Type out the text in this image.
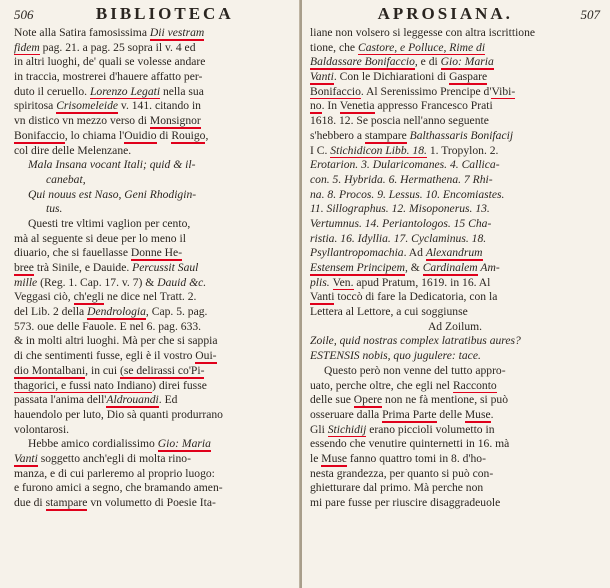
506	BIBLIOTECA
Note alla Satira famosissima Dii vestram
fidem pag. 21. a pag. 25 sopra il v. 4 ed
in altri luoghi, de' quali se volesse andare
in traccia, mostrerei d'hauere affatto per-
duto il ceruello. Lorenzo Legati nella sua
spiritosa Crisomeleide v. 141. citando in
vn distico vn mezzo verso di Monsignor
Bonifaccio, lo chiama l'Ouidio di Rouigo,
col dire delle Melenzane.
Mala Insana vocant Itali; quid & il-
canebat,
Qui nouus est Naso, Geni Rhodigin-
tus.
Questi tre vltimi vaglion per cento,
mà al seguente si deue per lo meno il
diuario, che si fauellasse Donne He-
bree trà Sinile, e Dauide. Percussit Saul
mille (Reg. 1. Cap. 17. v. 7) & Dauid &c.
Veggasi ciò, ch'egli ne dice nel Tratt. 2.
del Lib. 2 della Dendrologia, Cap. 5. pag.
573. oue delle Fauole. E nel 6. pag. 633.
& in molti altri luoghi. Mà per che si sappia
di che sentimenti fusse, egli è il vostro Oui-
dio Montalbani, in cui (se delirassi co'Pi-
thagorici, e fussi nato Indiano) direi fusse
passata l'anima dell'Aldrouandi. Ed
hauendolo per luto, Dio sà quanti produrrano
volontarosi.
Hebbe amico cordialissimo Gio: Maria
Vanti soggetto anch'egli di molta rino-
manza, e di cui parleremo al proprio luogo:
e furono amici a segno, che bramando amen-
due di stampare vn volumetto di Poesie Ita-
APROSIANA.	507
liane non volsero si leggesse con altra iscrittione
tione, che Castore, e Polluce, Rime di
Baldassare Bonifaccio, e di Gio: Maria
Vanti. Con le Dichiarationi di Gaspare
Bonifaccio. Al Serenissimo Prencipe d'Vibi-
no. In Venetia appresso Francesco Prati
1618. 12. Se poscia nell'anno seguente
s'hebbero a stampare Balthassaris Bonifacij
I C. Stichidicon Libb. 18. 1. Tropylon. 2.
Erotarion. 3. Dularicomanes. 4. Callica-
con. 5. Hybrida. 6. Hermathena. 7 Rhi-
na. 8. Procos. 9. Lessus. 10. Encomiastes.
11. Sillographus. 12. Misoponerus. 13.
Vertumnus. 14. Periantologos. 15 Cha-
ristia. 16. Idyllia. 17. Cyclaminus. 18.
Psyllantropomachia. Ad Alexandrum
Estensem Principem, & Cardinalem Am-
plis. Ven. apud Pratum, 1619. in 16. Al
Vanti toccò di fare la Dedicatoria, con la
Lettera al Lettore, a cui soggiunse
Ad Zoilum.
Zoile, quid nostras complex latratibus aures?
ESTENSIS nobis, quo jugulere: tace.
Questo però non venne del tutto appro-
uato, perche oltre, che egli nel Racconto
delle sue Opere non ne fà mentione, si può
osseruare dalla Prima Parte delle Muse.
Gli Stichidij erano piccioli volumetto in
essendo che venutire quinternetti in 16. mà
le Muse fanno quattro tomi in 8. d'ho-
nesta grandezza, per quanto si può con-
ghietturare dal primo. Mà perche non
mi pare fusse per riuscire disaggradeuole
